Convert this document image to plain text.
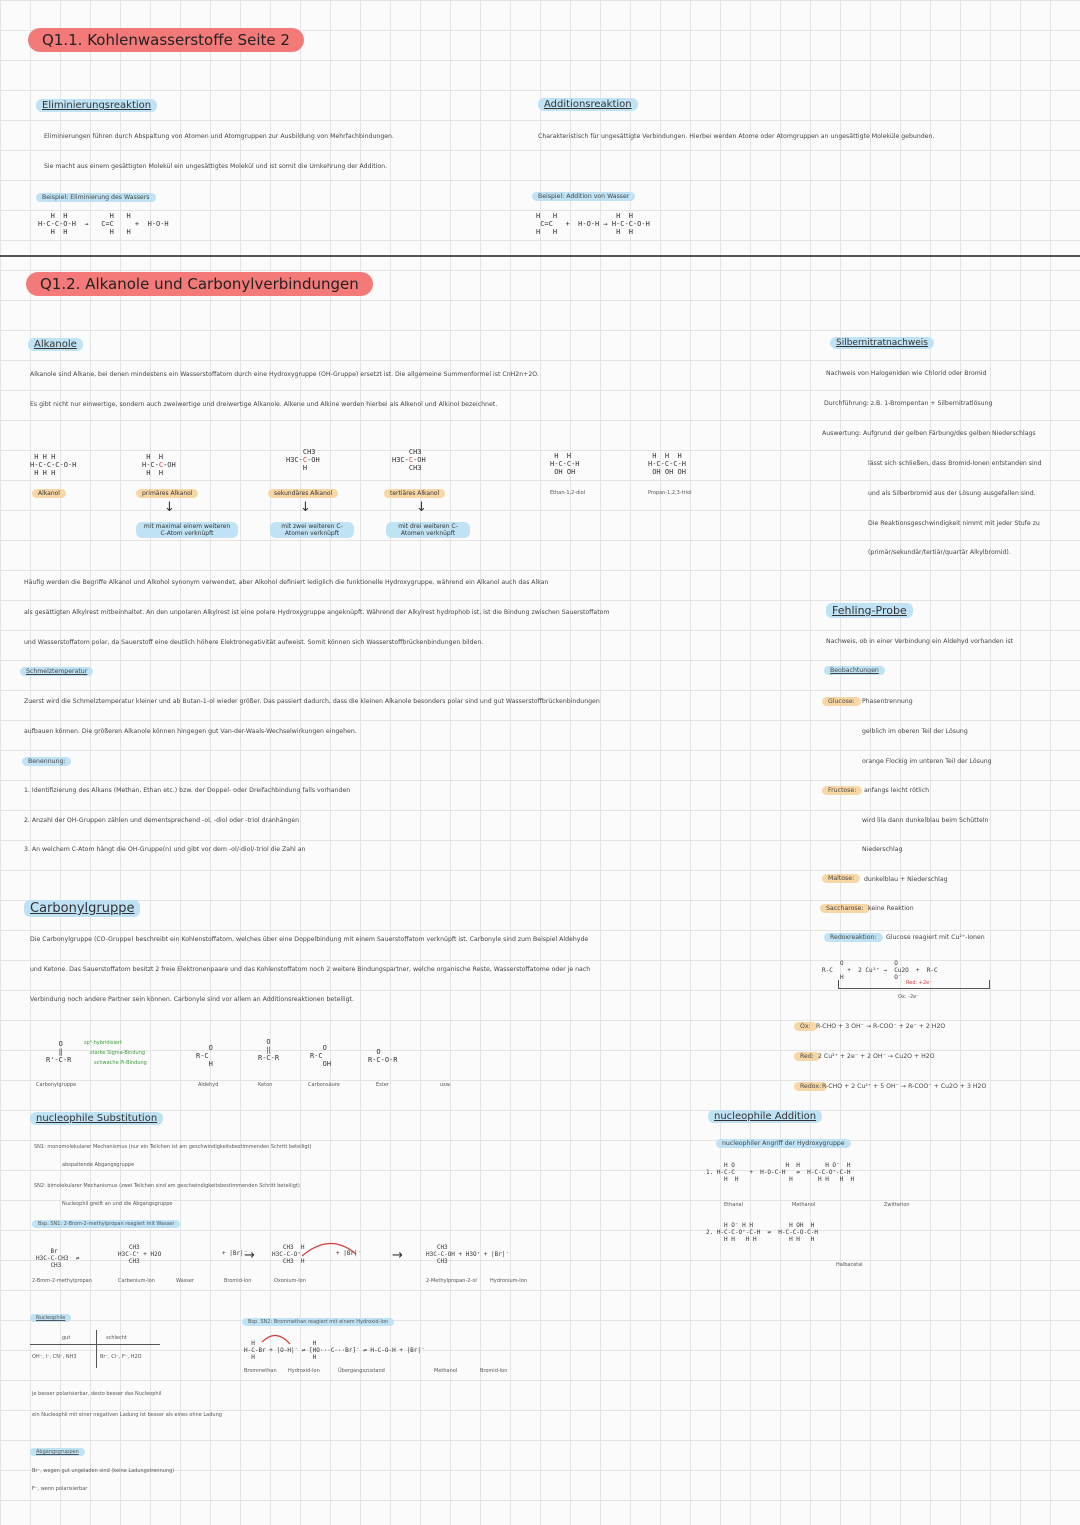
Q1.1. Kohlenwasserstoffe Seite 2
Eliminierungsreaktion
Eliminierungen führen durch Abspaltung von Atomen und Atomgruppen zur Ausbildung von Mehrfachbindungen.
Sie macht aus einem gesättigten Molekül ein ungesättigtes Molekül und ist somit die Umkehrung der Addition.
Beispiel: Eliminierung des Wassers
H  H          H   H
H-C-C-O-H  →   C=C     +  H-O-H
H  H          H   H
Additionsreaktion
Charakteristisch für ungesättigte Verbindungen. Hierbei werden Atome oder Atomgruppen an ungesättigte Moleküle gebunden.
Beispiel: Addition von Wasser
H   H              H  H
C=C   +  H-O-H → H-C-C-O-H
H   H              H  H
Q1.2. Alkanole und Carbonylverbindungen
Alkanole
Alkanole sind Alkane, bei denen mindestens ein Wasserstoffatom durch eine Hydroxygruppe (OH-Gruppe) ersetzt ist. Die allgemeine Summenformel ist CnH2n+2O.
Es gibt nicht nur einwertige, sondern auch zweiwertige und dreiwertige Alkanole. Alkene und Alkine werden hierbei als Alkenol und Alkinol bezeichnet.
H H H
H-C-C-C-O-H
H H H
H  H
H-C-C-OH
H  H
CH3
H3C-C-OH
H
CH3
H3C-C-OH
CH3
H  H
H-C-C-H
OH OH
H  H  H
H-C-C-C-H
OH OH OH
Alkanol	primäres Alkanol	sekundäres Alkanol	tertiäres Alkanol	Ethan-1,2-diol	Propan-1,2,3-triol
↓	↓	↓
mit maximal einem weiteren C-Atom verknüpft
mit zwei weiteren C-Atomen verknüpft
mit drei weiteren C-Atomen verknüpft
Häufig werden die Begriffe Alkanol und Alkohol synonym verwendet, aber Alkohol definiert lediglich die funktionelle Hydroxygruppe, während ein Alkanol auch das Alkan
als gesättigten Alkylrest mitbeinhaltet. An den unpolaren Alkylrest ist eine polare Hydroxygruppe angeknüpft. Während der Alkylrest hydrophob ist, ist die Bindung zwischen Sauerstoffatom
und Wasserstoffatom polar, da Sauerstoff eine deutlich höhere Elektronegativität aufweist. Somit können sich Wasserstoffbrückenbindungen bilden.
Schmelztemperatur
Zuerst wird die Schmelztemperatur kleiner und ab Butan-1-ol wieder größer. Das passiert dadurch, dass die kleinen Alkanole besonders polar sind und gut Wasserstoffbrückenbindungen
aufbauen können. Die größeren Alkanole können hingegen gut Van-der-Waals-Wechselwirkungen eingehen.
Benennung:
1. Identifizierung des Alkans (Methan, Ethan etc.) bzw. der Doppel- oder Dreifachbindung falls vorhanden
2. Anzahl der OH-Gruppen zählen und dementsprechend -ol, -diol oder -triol dranhängen
3. An welchem C-Atom hängt die OH-Gruppe(n) und gibt vor dem -ol/-diol/-triol die Zahl an
Carbonylgruppe
Die Carbonylgruppe (CO-Gruppe) beschreibt ein Kohlenstoffatom, welches über eine Doppelbindung mit einem Sauerstoffatom verknüpft ist. Carbonyle sind zum Beispiel Aldehyde
und Ketone. Das Sauerstoffatom besitzt 2 freie Elektronenpaare und das Kohlenstoffatom noch 2 weitere Bindungspartner, welche organische Reste, Wasserstoffatome oder je nach
Verbindung noch andere Partner sein können. Carbonyle sind vor allem an Additionsreaktionen beteiligt.
O
‖
R'-C-R
sp²-hybridisiert
starke Sigma-Bindung
schwache Pi-Bindung
O
R-C
H
O
‖
R-C-R
O
R-C
OH
O
R-C-O-R
Carbonylgruppe	Aldehyd	Keton	Carbonsäure	Ester	usw.
nucleophile Substitution
SN1: monomolekularer Mechanismus (nur ein Teilchen ist am geschwindigkeitsbestimmenden Schritt beteiligt)
abspaltende Abgangsgruppe
SN2: bimolekularer Mechanismus (zwei Teilchen sind am geschwindigkeitsbestimmenden Schritt beteiligt)
Nucleophil greift an und die Abgangsgruppe
Bsp. SN1: 2-Brom-2-methylpropan reagiert mit Wasser
Br
H3C-C-CH3  ⇌
CH3
CH3
H3C-C⁺ + H2O
CH3
+ |Br|⁻
→
CH3  H
H3C-C-O⁺
CH3  H
+ |Br|⁻ →
CH3
H3C-C-OH + H3O⁺ + |Br|⁻
CH3
2-Brom-2-methylpropan	Carbenium-Ion	Wasser	Bromid-Ion	Oxonium-Ion	2-Methylpropan-2-ol	Hydronium-Ion
Nucleophile
gut	schlecht
OH⁻, I⁻, CN⁻, NH3	Br⁻, Cl⁻, F⁻, H2O
je besser polarisierbar, desto besser das Nucleophil
ein Nucleophil mit einer negativen Ladung ist besser als eines ohne Ladung
Abgangsgruppen
Br⁻, wegen gut ungeladen sind (keine Ladungstrennung)
F⁻, wenn polarisierbar
Bsp. SN2: Brommethan reagiert mit einem Hydroxid-Ion
H                H
H-C-Br + |O-H|⁻ ⇌ [HO···C···Br]⁻ ⇌ H-C-O-H + |Br|⁻
H                H
Brommethan Hydroxid-Ion	Übergangszustand	Methanol	Bromid-Ion
Silbernitratnachweis
Nachweis von Halogeniden wie Chlorid oder Bromid
Durchführung: z.B. 1-Brompentan + Silbernitratlösung
Auswertung: Aufgrund der gelben Färbung/des gelben Niederschlags
lässt sich schließen, dass Bromid-Ionen entstanden sind
und als Silberbromid aus der Lösung ausgefallen sind.
Die Reaktionsgeschwindigkeit nimmt mit jeder Stufe zu
(primär/sekundär/tertiär/quartär Alkylbromid).
Fehling-Probe
Nachweis, ob in einer Verbindung ein Aldehyd vorhanden ist
Beobachtungen
Glucose:	Phasentrennung
gelblich im oberen Teil der Lösung
orange Flockig im unteren Teil der Lösung
Fructose:	anfangs leicht rötlich
wird lila dann dunkelblau beim Schütteln
Niederschlag
Maltose:	dunkelblau + Niederschlag
Saccharose: keine Reaktion
Redoxreaktion:	Glucose reagiert mit Cu²⁺-Ionen
O              O
R-C    +  2 Cu²⁺ →  Cu2O  +  R-C
H              O⁻
Red: +2e⁻
Ox: -2e⁻
Ox: R-CHO + 3 OH⁻ → R-COO⁻ + 2e⁻ + 2 H2O
Red: 2 Cu²⁺ + 2e⁻ + 2 OH⁻ → Cu2O + H2O
Redox: R-CHO + 2 Cu²⁺ + 5 OH⁻ → R-COO⁻ + Cu2O + 3 H2O
nucleophile Addition
nucleophiler Angriff der Hydroxygruppe
H O              H  H       H O⁻  H
1. H-C-C    +  H-O-C-H   ⇌  H-C-C-O⁺-C-H
H  H              H       H H   H  H
Ethanal	Methanol	Zwitterion
H O⁻ H H          H OH  H
2. H-C-C-O⁺-C-H  ⇌  H-C-C-O-C-H
H H   H H         H H   H
Halbacetal
